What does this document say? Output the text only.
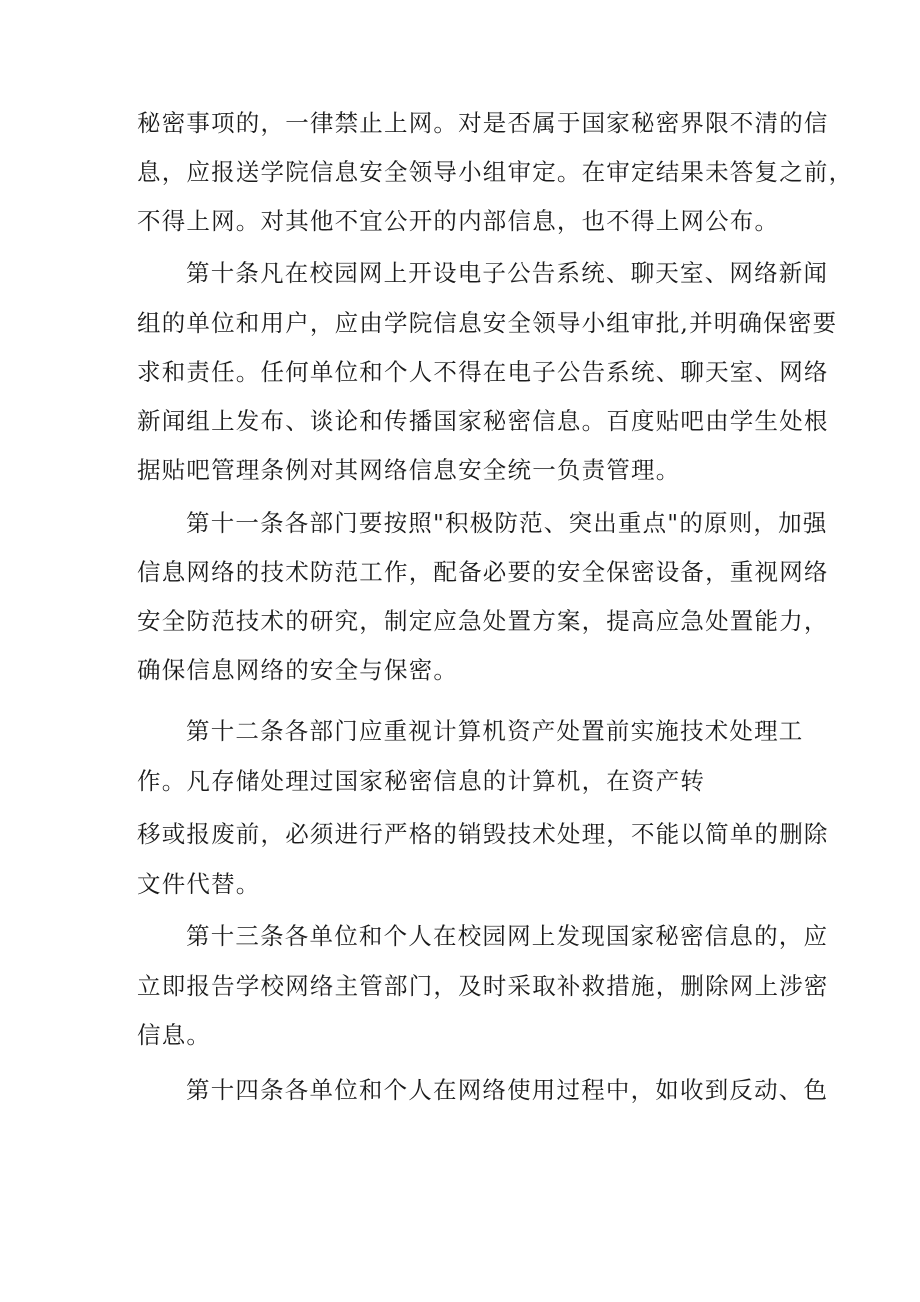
秘密事项的，一律禁止上网。对是否属于国家秘密界限不清的信
息，应报送学院信息安全领导小组审定。在审定结果未答复之前，
不得上网。对其他不宜公开的内部信息，也不得上网公布。
第十条凡在校园网上开设电子公告系统、聊天室、网络新闻
组的单位和用户，应由学院信息安全领导小组审批,并明确保密要
求和责任。任何单位和个人不得在电子公告系统、聊天室、网络
新闻组上发布、谈论和传播国家秘密信息。百度贴吧由学生处根
据贴吧管理条例对其网络信息安全统一负责管理。
第十一条各部门要按照"积极防范、突出重点"的原则，加强
信息网络的技术防范工作，配备必要的安全保密设备，重视网络
安全防范技术的研究，制定应急处置方案，提高应急处置能力，
确保信息网络的安全与保密。
第十二条各部门应重视计算机资产处置前实施技术处理工
作。凡存储处理过国家秘密信息的计算机，在资产转
移或报废前，必须进行严格的销毁技术处理，不能以简单的删除
文件代替。
第十三条各单位和个人在校园网上发现国家秘密信息的，应
立即报告学校网络主管部门，及时采取补救措施，删除网上涉密
信息。
第十四条各单位和个人在网络使用过程中，如收到反动、色
